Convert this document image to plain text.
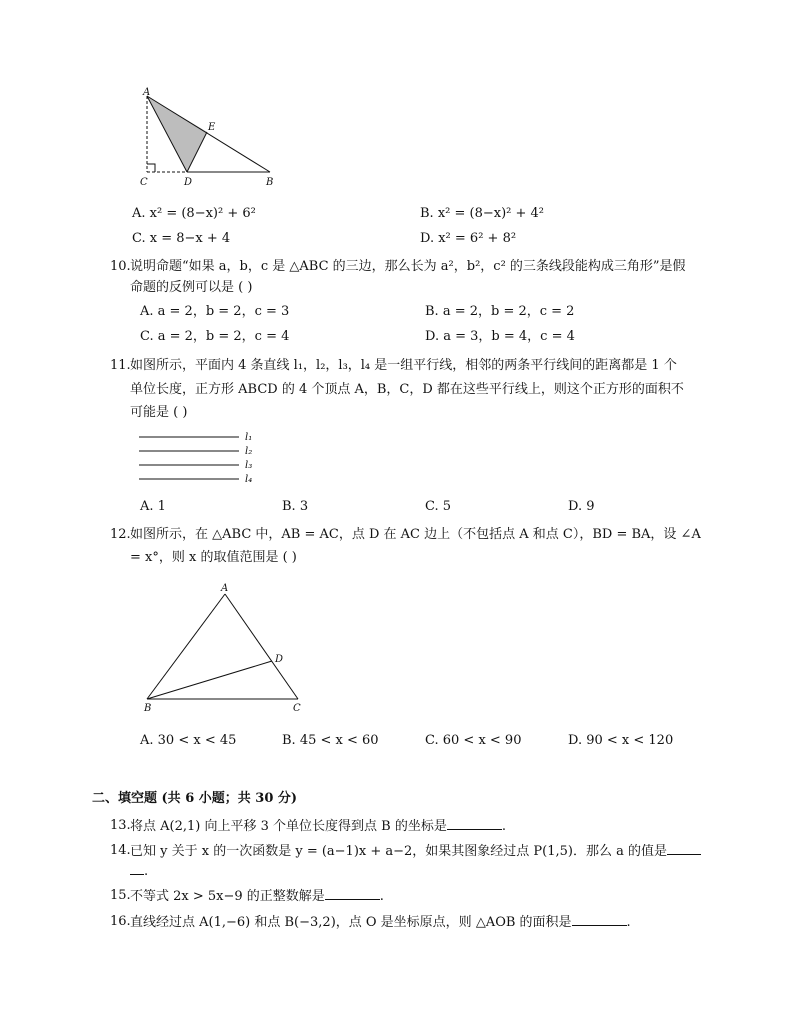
A
E
C	D	B
A. x² = (8−x)² + 6²	B. x² = (8−x)² + 4²
C. x = 8−x + 4	D. x² = 6² + 8²
10. 说明命题“如果 a，b，c 是 △ABC 的三边，那么长为 a²，b²，c² 的三条线段能构成三角形”是假
命题的反例可以是 ( )
A. a = 2，b = 2，c = 3	B. a = 2，b = 2，c = 2
C. a = 2，b = 2，c = 4	D. a = 3，b = 4，c = 4
11. 如图所示，平面内 4 条直线 l₁，l₂，l₃，l₄ 是一组平行线，相邻的两条平行线间的距离都是 1 个
单位长度，正方形 ABCD 的 4 个顶点 A，B，C，D 都在这些平行线上，则这个正方形的面积不
可能是 ( )
l₁
l₂
l₃
l₄
A. 1	B. 3	C. 5	D. 9
12. 如图所示，在 △ABC 中，AB = AC，点 D 在 AC 边上（不包括点 A 和点 C），BD = BA，设 ∠A
= x°，则 x 的取值范围是 ( )
A
D
B	C
A. 30 < x < 45	B. 45 < x < 60	C. 60 < x < 90	D. 90 < x < 120
二、填空题 (共 6 小题；共 30 分)
13. 将点 A(2,1) 向上平移 3 个单位长度得到点 B 的坐标是	.
14. 已知 y 关于 x 的一次函数是 y = (a−1)x + a−2，如果其图象经过点 P(1,5)．那么 a 的值是
.
15. 不等式 2x > 5x−9 的正整数解是	.
16. 直线经过点 A(1,−6) 和点 B(−3,2)，点 O 是坐标原点，则 △AOB 的面积是	.
